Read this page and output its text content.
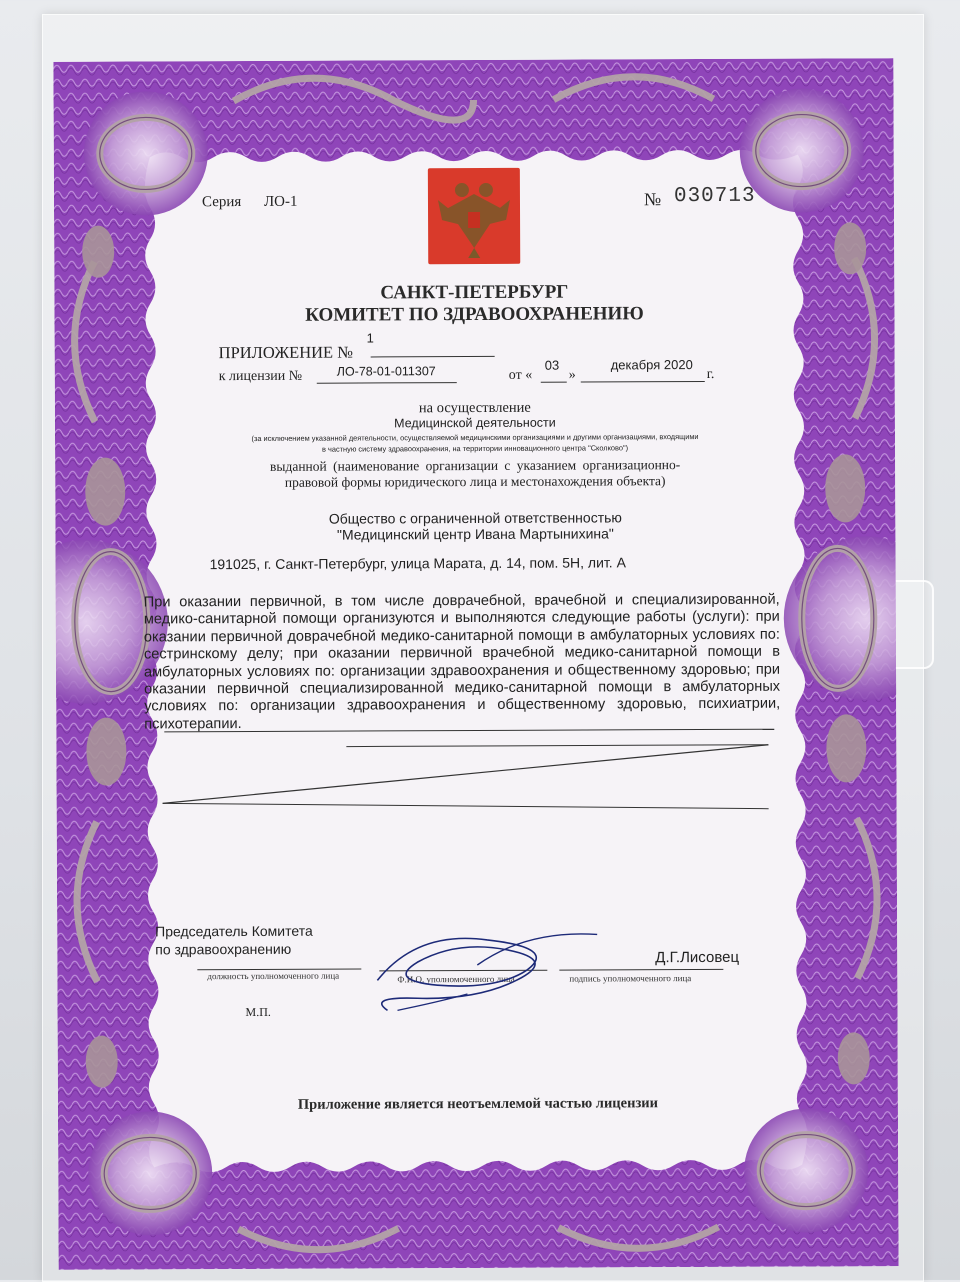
Серия ЛО-1	№ 030713
САНКТ-ПЕТЕРБУРГ
КОМИТЕТ ПО ЗДРАВООХРАНЕНИЮ
ПРИЛОЖЕНИЕ №
1
к лицензии №	ЛО-78-01-011307	от «
03
»
декабря 2020
г.
на осуществление
Медицинской деятельности
(за исключением указанной деятельности, осуществляемой медицинскими организациями и другими организациями, входящими
в частную систему здравоохранения, на территории инновационного центра "Сколково")
выданной (наименование организации с указанием организационно-
правовой формы юридического лица и местонахождения объекта)
Общество с ограниченной ответственностью
"Медицинский центр Ивана Мартынихина"
191025, г. Санкт-Петербург, улица Марата, д. 14, пом. 5Н, лит. А
При оказании первичной, в том числе доврачебной, врачебной и специализированной, медико-санитарной помощи организуются и выполняются следующие работы (услуги): при оказании первичной доврачебной медико-санитарной помощи в амбулаторных условиях по: сестринскому делу; при оказании первичной врачебной медико-санитарной помощи в амбулаторных условиях по: организации здравоохранения и общественному здоровью; при оказании первичной специализированной медико-санитарной помощи в амбулаторных условиях по: организации здравоохранения и общественному здоровью, психиатрии, психотерапии.
Председатель Комитета
по здравоохранению
должность уполномоченного лица	Ф.И.О. уполномоченного лица	подпись уполномоченного лица
Д.Г.Лисовец
М.П.
Приложение является неотъемлемой частью лицензии
